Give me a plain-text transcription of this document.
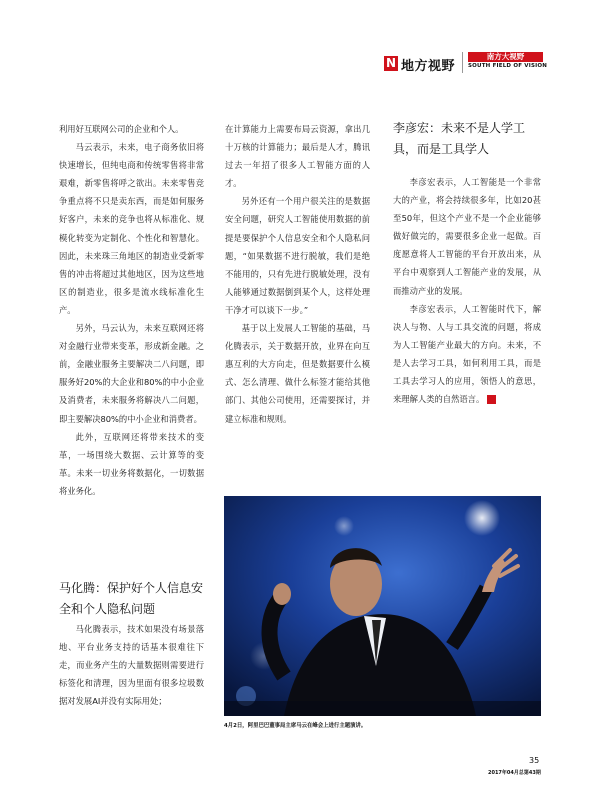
N 地方视野
南方大视野
SOUTH FIELD OF VISION

利用好互联网公司的企业和个人。

马云表示，未来，电子商务依旧将快速增长，但纯电商和传统零售将非常艰难，新零售将呼之欲出。未来零售竞争重点将不只是卖东西，而是如何服务好客户，未来的竞争也将从标准化、规模化转变为定制化、个性化和智慧化。因此，未来珠三角地区的制造业受新零售的冲击将超过其他地区，因为这些地区的制造业，很多是流水线标准化生产。

另外，马云认为，未来互联网还将对金融行业带来变革，形成新金融。之前，金融业服务主要解决二八问题，即服务好20%的大企业和80%的中小企业及消费者，未来服务将解决八二问题，即主要解决80%的中小企业和消费者。

此外，互联网还将带来技术的变革，一场围绕大数据、云计算等的变革。未来一切业务将数据化，一切数据将业务化。

马化腾：保护好个人信息安全和个人隐私问题

马化腾表示，技术如果没有场景落地、平台业务支持的话基本很难往下走，而业务产生的大量数据则需要进行标签化和清理，因为里面有很多垃圾数据对发展AI并没有实际用处；

在计算能力上需要布局云资源，拿出几十万核的计算能力；最后是人才，腾讯过去一年招了很多人工智能方面的人才。

另外还有一个用户很关注的是数据安全问题，研究人工智能使用数据的前提是要保护个人信息安全和个人隐私问题，“如果数据不进行脱敏，我们是绝不能用的，只有先进行脱敏处理，没有人能够通过数据倒到某个人，这样处理干净才可以谈下一步。”

基于以上发展人工智能的基础，马化腾表示，关于数据开放，业界在向互惠互利的大方向走，但是数据要什么模式、怎么清理、做什么标签才能给其他部门、其他公司使用，还需要探讨，并建立标准和规则。

李彦宏：未来不是人学工具，而是工具学人

李彦宏表示，人工智能是一个非常大的产业，将会持续很多年，比如20甚至50年，但这个产业不是一个企业能够做好做完的，需要很多企业一起做。百度愿意将人工智能的平台开放出来，从平台中观察到人工智能产业的发展，从而推动产业的发展。

李彦宏表示，人工智能时代下，解决人与物、人与工具交流的问题，将成为人工智能产业最大的方向。未来，不是人去学习工具，如何利用工具，而是工具去学习人的应用，领悟人的意思，来理解人类的自然语言。	N

4月2日，阿里巴巴董事局主席马云在峰会上进行主题演讲。
35
2017年04月总第43期
